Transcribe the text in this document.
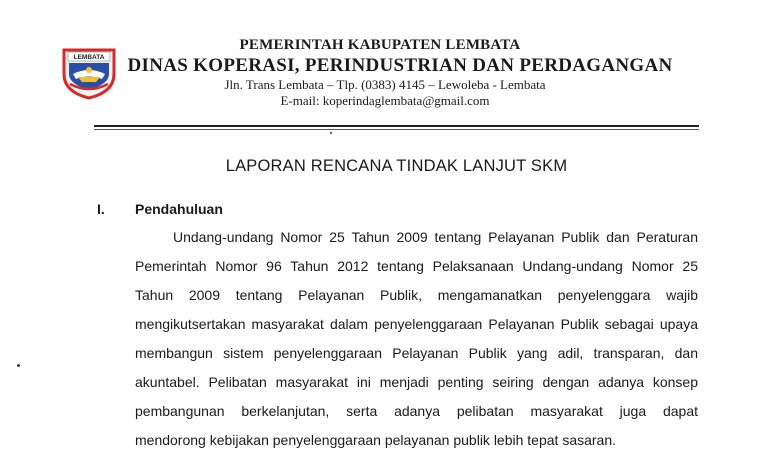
LEMBATA
PEMERINTAH KABUPATEN LEMBATA
DINAS KOPERASI, PERINDUSTRIAN DAN PERDAGANGAN
Jln. Trans Lembata – Tlp. (0383) 4145 – Lewoleba - Lembata
E-mail: koperindaglembata@gmail.com
LAPORAN RENCANA TINDAK LANJUT SKM
I. Pendahuluan
Undang-undang Nomor 25 Tahun 2009 tentang Pelayanan Publik dan Peraturan
Pemerintah Nomor 96 Tahun 2012 tentang Pelaksanaan Undang-undang Nomor 25
Tahun 2009 tentang Pelayanan Publik, mengamanatkan penyelenggara wajib
mengikutsertakan masyarakat dalam penyelenggaraan Pelayanan Publik sebagai upaya
membangun sistem penyelenggaraan Pelayanan Publik yang adil, transparan, dan
akuntabel. Pelibatan masyarakat ini menjadi penting seiring dengan adanya konsep
pembangunan berkelanjutan, serta adanya pelibatan masyarakat juga dapat
mendorong kebijakan penyelenggaraan pelayanan publik lebih tepat sasaran.
